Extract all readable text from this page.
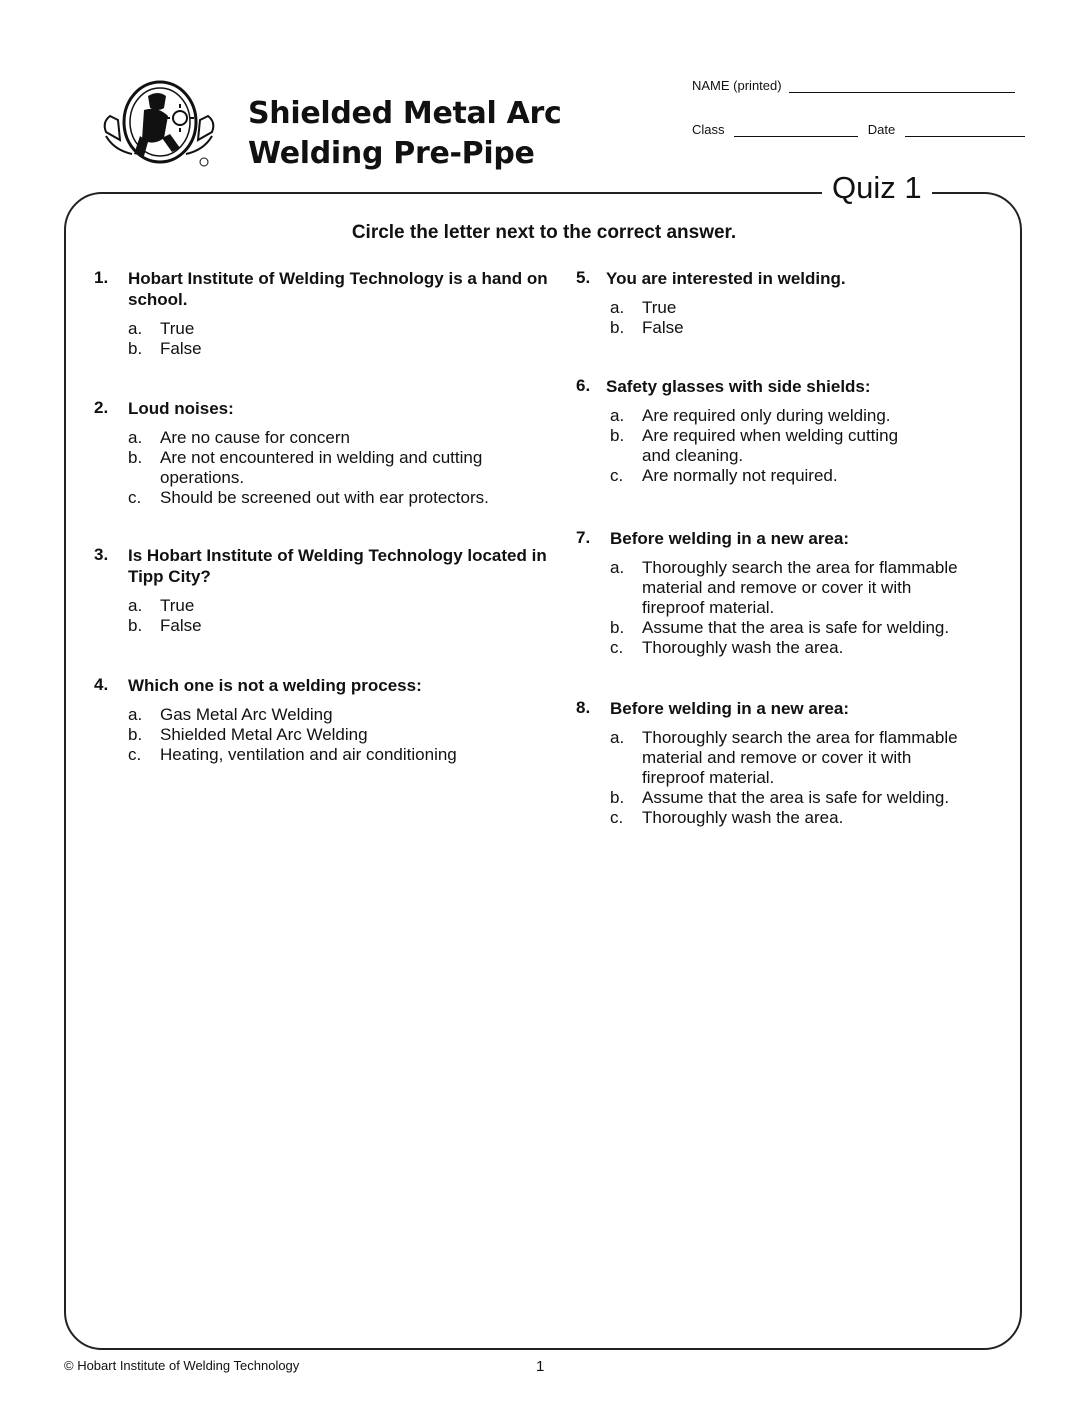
Shielded Metal Arc
Welding Pre-Pipe
NAME (printed)
Class	Date
Quiz 1
Circle the letter next to the correct answer.
1. Hobart Institute of Welding Technology is a hand on school.
a. True
b. False
2. Loud noises:
a. Are no cause for concern
b. Are not encountered in welding and cutting operations.
c. Should be screened out with ear protectors.
3. Is Hobart Institute of Welding Technology located in Tipp City?
a. True
b. False
4. Which one is not a welding process:
a. Gas Metal Arc Welding
b. Shielded Metal Arc Welding
c. Heating, ventilation and air conditioning
5. You are interested in welding.
a. True
b. False
6. Safety glasses with side shields:
a. Are required only during welding.
b. Are required when welding cutting and cleaning.
c. Are normally not required.
7. Before welding in a new area:
a. Thoroughly search the area for flammable material and remove or cover it with fireproof material.
b. Assume that the area is safe for welding.
c. Thoroughly wash the area.
8. Before welding in a new area:
a. Thoroughly search the area for flammable material and remove or cover it with fireproof material.
b. Assume that the area is safe for welding.
c. Thoroughly wash the area.
© Hobart Institute of Welding Technology	1
